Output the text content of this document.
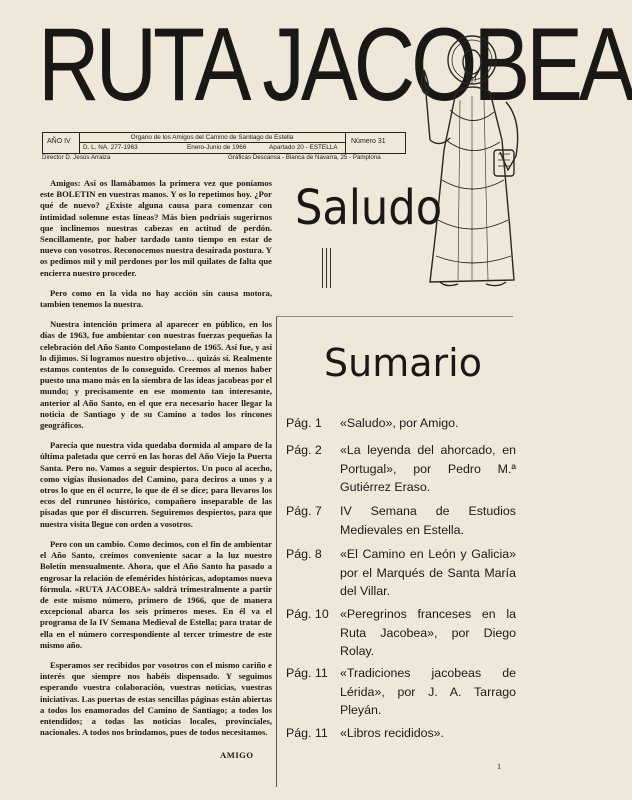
RUTA JACOBEA
AÑO IV
Organo de los Amigos del Camino de Santiago de Estella
D. L. NA. 277-1963	Enero-Junio de 1966	Apartado 20 - ESTELLA
Número 31
Director D. Jesús Arraiza	Gráficas Descansa - Blanca de Navarra, 25 - Pamplona

Amigos: Así os llamábamos la primera vez que poníamos este BOLETIN en vuestras manos. Y os lo repetimos hoy. ¿Por qué de nuevo? ¿Existe alguna causa para comenzar con intimidad solemne estas líneas? Más bien podríais sugerirnos que inclinemos nuestras cabezas en actitud de perdón. Sencillamente, por haber tardado tanto tiempo en estar de nuevo con vosotros. Reconocemos nuestra desairada postura. Y os pedimos mil y mil perdones por los mil quilates de falta que encierra nuestro proceder.

Pero como en la vida no hay acción sin causa motora, tambien tenemos la nuestra.

Nuestra intención primera al aparecer en público, en los días de 1963, fue ambientar con nuestras fuerzas pequeñas la celebración del Año Santo Compostelano de 1965. Así fue, y así lo dijimos. Si logramos nuestro objetivo… quizás sí. Realmente estamos contentos de lo conseguido. Creemos al menos haber puesto una mano más en la siembra de las ideas jacobeas por el mundo; y precisamente en ese momento tan interesante, anterior al Año Santo, en el que era necesario hacer llegar la noticia de Santiago y de su Camino a todos los rincones geográficos.

Parecía que nuestra vida quedaba dormida al amparo de la última paletada que cerró en las horas del Año Viejo la Puerta Santa. Pero no. Vamos a seguir despiertos. Un poco al acecho, como vigías ilusionados del Camino, para deciros a unos y a otros lo que en él ocurre, lo que de él se dice; para llevaros los ecos del runruneo histórico, compañero inseparable de las pisadas que por él discurren. Seguiremos despiertos, para que nuestra visita llegue con orden a vosotros.

Pero con un cambio. Como decimos, con el fin de ambientar el Año Santo, creímos conveniente sacar a la luz nuestro Boletín mensualmente. Ahora, que el Año Santo ha pasado a engrosar la relación de efemérides históricas, adoptamos nueva fórmula. «RUTA JACOBEA» saldrá trimestralmente a partir de este mismo número, primero de 1966, que de manera excepcional abarca los seis primeros meses. En él va el programa de la IV Semana Medieval de Estella; para tratar de ella en el número correspondiente al tercer trimestre de este mismo año.

Esperamos ser recibidos por vosotros con el mismo cariño e interés que siempre nos habéis dispensado. Y seguimos esperando vuestra colaboración, vuestras noticias, vuestras iniciativas. Las puertas de estas sencillas páginas están abiertas a todos los enamorados del Camino de Santiago; a todos los entendidos; a todas las noticias locales, provinciales, nacionales. A todos nos brindamos, pues de todos necesitamos.

AMIGO
Saludo
Sumario
Pág. 1	«Saludo», por Amigo.
Pág. 2	«La leyenda del ahorcado, en Portugal», por Pedro M.ª Gutiérrez Eraso.
Pág. 7	IV Semana de Estudios Medievales en Estella.
Pág. 8	«El Camino en León y Galicia» por el Marqués de Santa María del Villar.
Pág. 10 «Peregrinos franceses en la Ruta Jacobea», por Diego Rolay.
Pág. 11 «Tradiciones jacobeas de Lérida», por J. A. Tarrago Pleyán.
Pág. 11 «Libros recididos».
1
